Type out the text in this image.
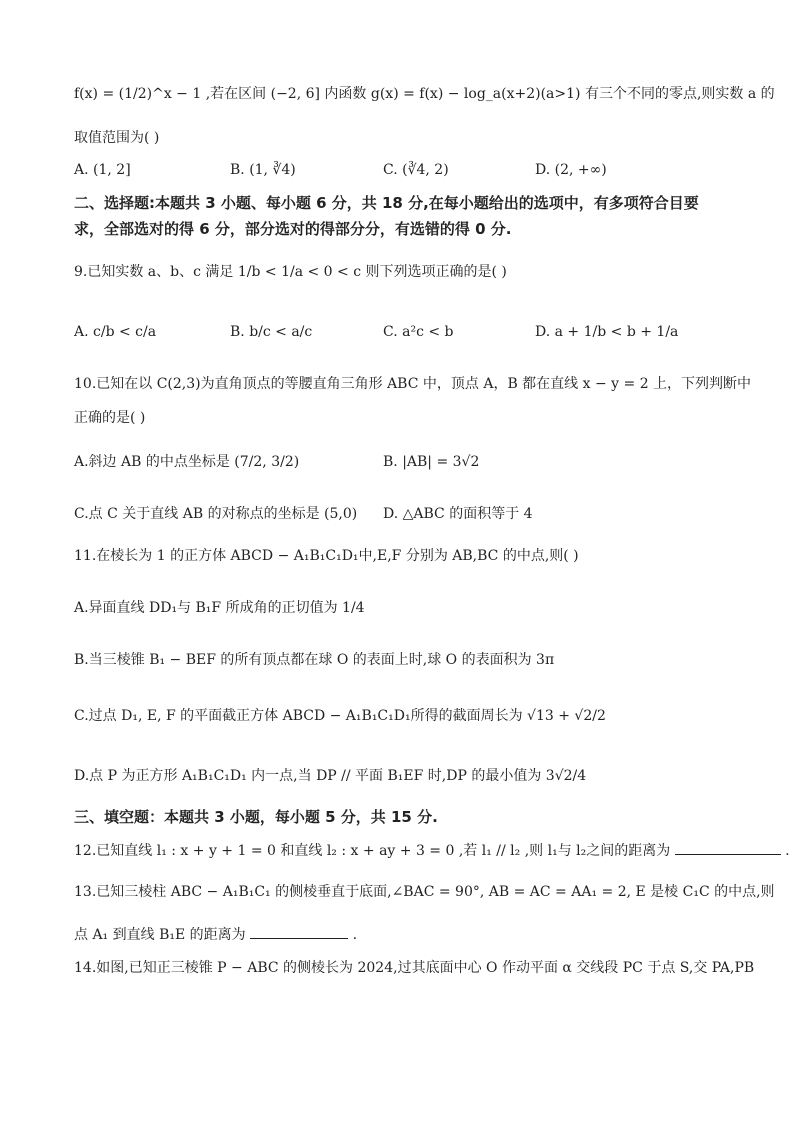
f(x) = (1/2)^x − 1 ,若在区间 (−2, 6] 内函数 g(x) = f(x) − log_a(x+2)(a>1) 有三个不同的零点,则实数 a 的
取值范围为( )
A. (1, 2]	B. (1, ∛4)	C. (∛4, 2)	D. (2, +∞)
二、选择题:本题共 3 小题、每小题 6 分，共 18 分,在每小题给出的选项中，有多项符合目要
求，全部选对的得 6 分，部分选对的得部分分，有选错的得 0 分.
9.已知实数 a、b、c 满足 1/b < 1/a < 0 < c 则下列选项正确的是( )
A. c/b < c/a	B. b/c < a/c	C. a²c < b	D. a + 1/b < b + 1/a
10.已知在以 C(2,3)为直角顶点的等腰直角三角形 ABC 中，顶点 A，B 都在直线 x − y = 2 上，下列判断中
正确的是( )
A.斜边 AB 的中点坐标是 (7/2, 3/2)	B. |AB| = 3√2
C.点 C 关于直线 AB 的对称点的坐标是 (5,0) D. △ABC 的面积等于 4
11.在棱长为 1 的正方体 ABCD − A₁B₁C₁D₁中,E,F 分别为 AB,BC 的中点,则( )
A.异面直线 DD₁与 B₁F 所成角的正切值为 1/4
B.当三棱锥 B₁ − BEF 的所有顶点都在球 O 的表面上时,球 O 的表面积为 3π
C.过点 D₁, E, F 的平面截正方体 ABCD − A₁B₁C₁D₁所得的截面周长为 √13 + √2/2
D.点 P 为正方形 A₁B₁C₁D₁ 内一点,当 DP // 平面 B₁EF 时,DP 的最小值为 3√2/4
三、填空题：本题共 3 小题，每小题 5 分，共 15 分.
12.已知直线 l₁ : x + y + 1 = 0 和直线 l₂ : x + ay + 3 = 0 ,若 l₁ // l₂ ,则 l₁与 l₂之间的距离为	.
13.已知三棱柱 ABC − A₁B₁C₁ 的侧棱垂直于底面,∠BAC = 90°, AB = AC = AA₁ = 2, E 是棱 C₁C 的中点,则
点 A₁ 到直线 B₁E 的距离为	.
14.如图,已知正三棱锥 P − ABC 的侧棱长为 2024,过其底面中心 O 作动平面 α 交线段 PC 于点 S,交 PA,PB
